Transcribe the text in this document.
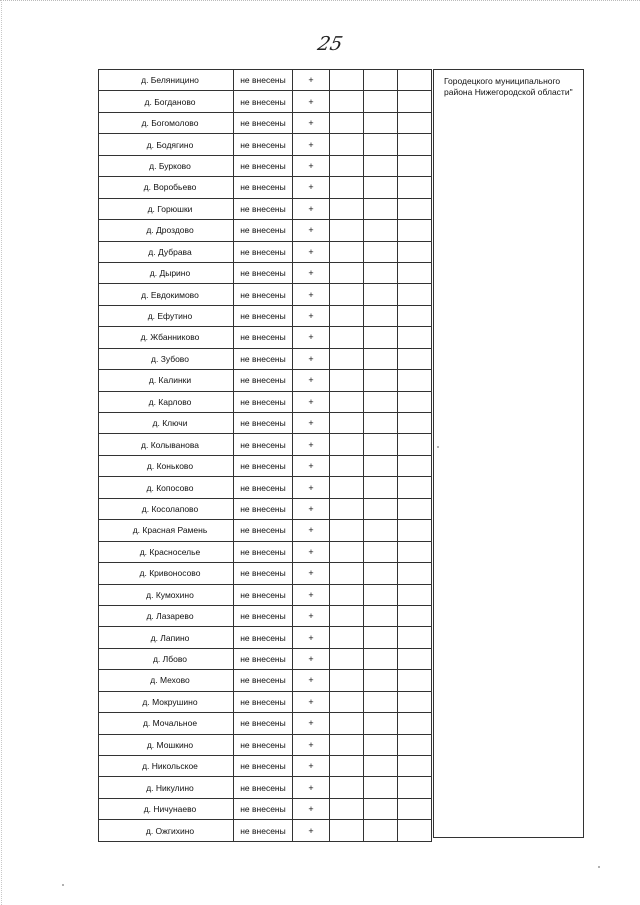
25
д. Беляницино	не внесены	+			
д. Богданово	не внесены	+			
д. Богомолово	не внесены	+			
д. Бодягино	не внесены	+			
д. Бурково	не внесены	+			
д. Воробьево	не внесены	+			
д. Горюшки	не внесены	+			
д. Дроздово	не внесены	+			
д. Дубрава	не внесены	+			
д. Дырино	не внесены	+			
д. Евдокимово	не внесены	+			
д. Ефутино	не внесены	+			
д. Жбанниково	не внесены	+			
д. Зубово	не внесены	+			
д. Калинки	не внесены	+			
д. Карлово	не внесены	+			
д. Ключи	не внесены	+			
д. Колыванова	не внесены	+			
д. Коньково	не внесены	+			
д. Копосово	не внесены	+			
д. Косолапово	не внесены	+			
д. Красная Рамень	не внесены	+			
д. Красноселье	не внесены	+			
д. Кривоносово	не внесены	+			
д. Кумохино	не внесены	+			
д. Лазарево	не внесены	+			
д. Лапино	не внесены	+			
д. Лбово	не внесены	+			
д. Мехово	не внесены	+			
д. Мокрушино	не внесены	+			
д. Мочальное	не внесены	+			
д. Мошкино	не внесены	+			
д. Никольское	не внесены	+			
д. Никулино	не внесены	+			
д. Ничунаево	не внесены	+			
д. Ожгихино	не внесены	+			
Городецкого муниципального района Нижегородской области"
